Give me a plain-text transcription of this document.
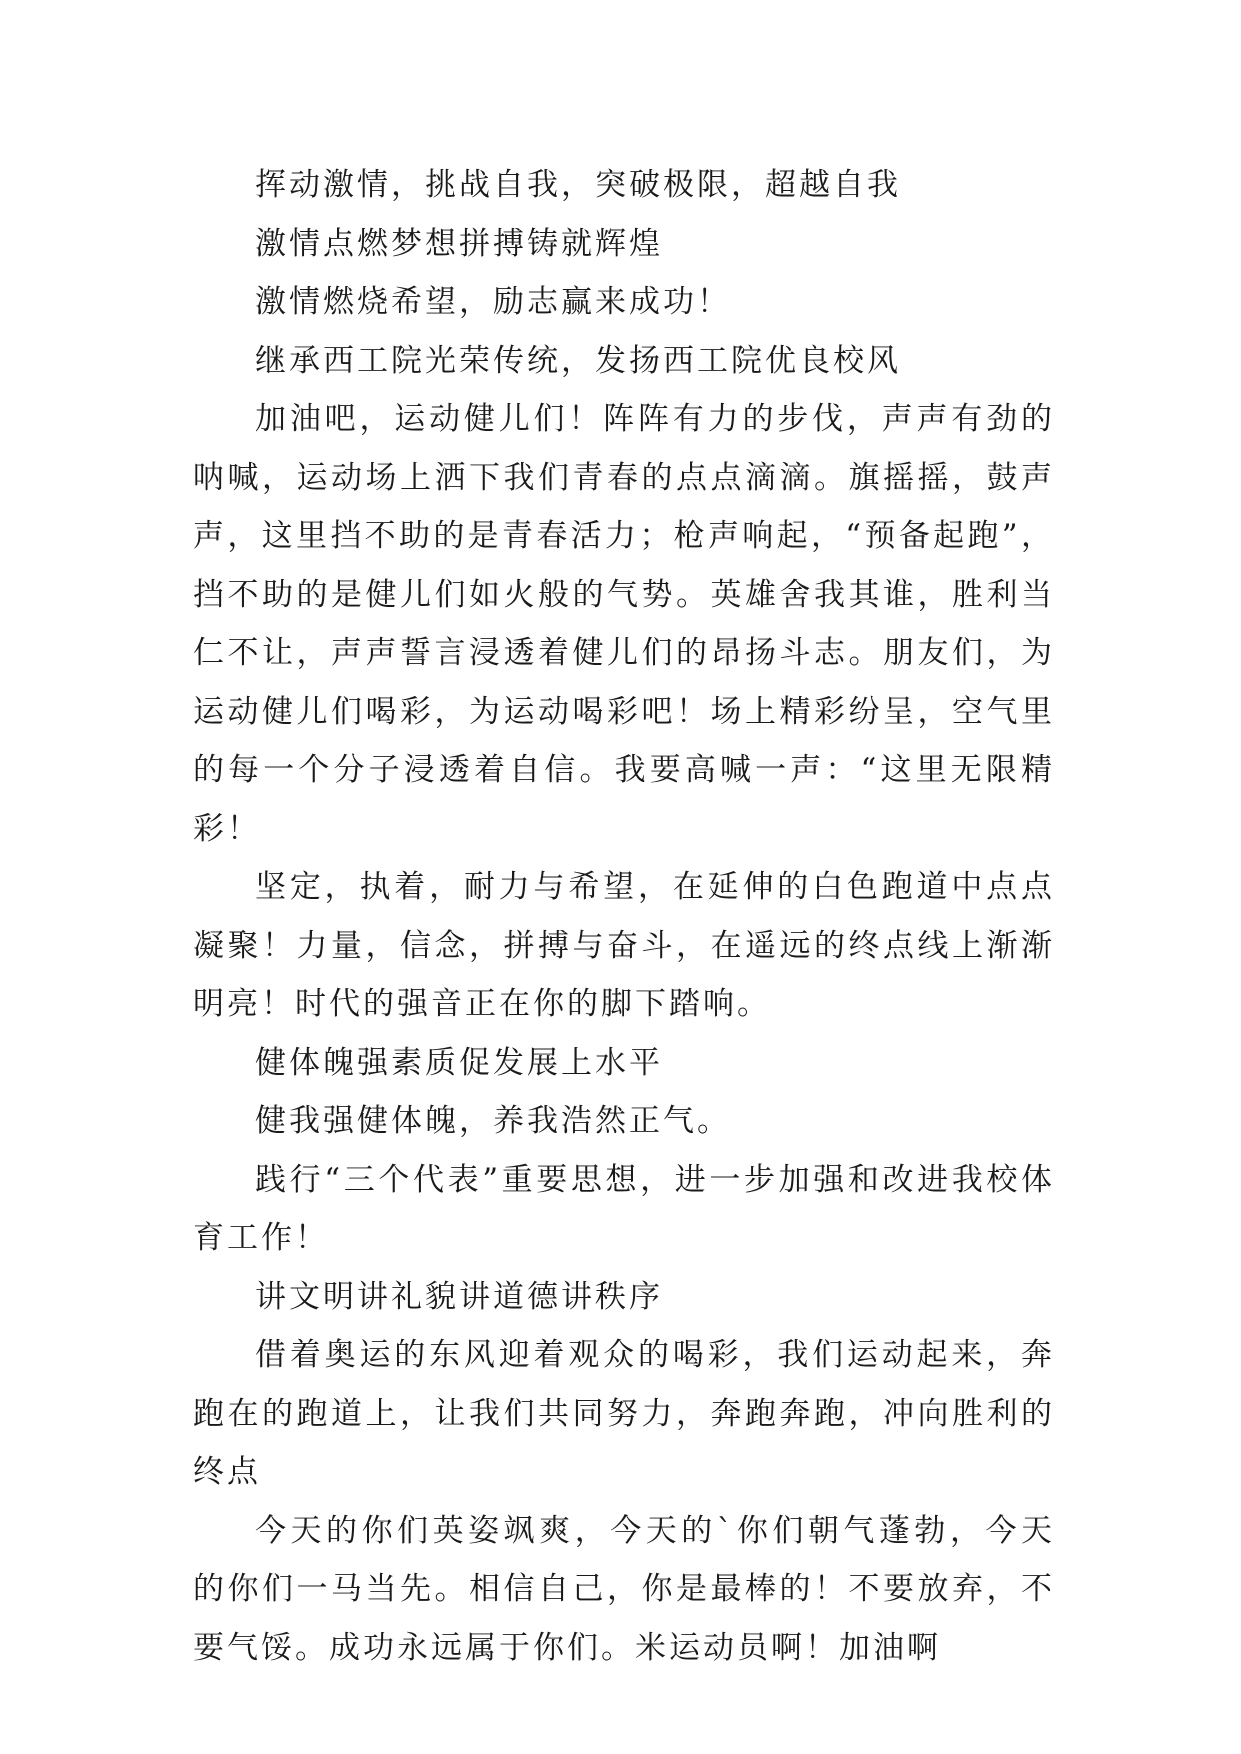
挥动激情，挑战自我，突破极限，超越自我

激情点燃梦想拼搏铸就辉煌

激情燃烧希望，励志赢来成功！

继承西工院光荣传统，发扬西工院优良校风

加油吧，运动健儿们！阵阵有力的步伐，声声有劲的呐喊，运动场上洒下我们青春的点点滴滴。旗摇摇，鼓声声，这里挡不助的是青春活力；枪声响起，“预备起跑”，挡不助的是健儿们如火般的气势。英雄舍我其谁，胜利当仁不让，声声誓言浸透着健儿们的昂扬斗志。朋友们，为运动健儿们喝彩，为运动喝彩吧！场上精彩纷呈，空气里的每一个分子浸透着自信。我要高喊一声：“这里无限精彩！

坚定，执着，耐力与希望，在延伸的白色跑道中点点凝聚！力量，信念，拼搏与奋斗，在遥远的终点线上渐渐明亮！时代的强音正在你的脚下踏响。

健体魄强素质促发展上水平

健我强健体魄，养我浩然正气。

践行“三个代表”重要思想，进一步加强和改进我校体育工作！

讲文明讲礼貌讲道德讲秩序

借着奥运的东风迎着观众的喝彩，我们运动起来，奔跑在的跑道上，让我们共同努力，奔跑奔跑，冲向胜利的终点

今天的你们英姿飒爽，今天的`你们朝气蓬勃，今天的你们一马当先。相信自己，你是最棒的！不要放弃，不要气馁。成功永远属于你们。米运动员啊！加油啊
